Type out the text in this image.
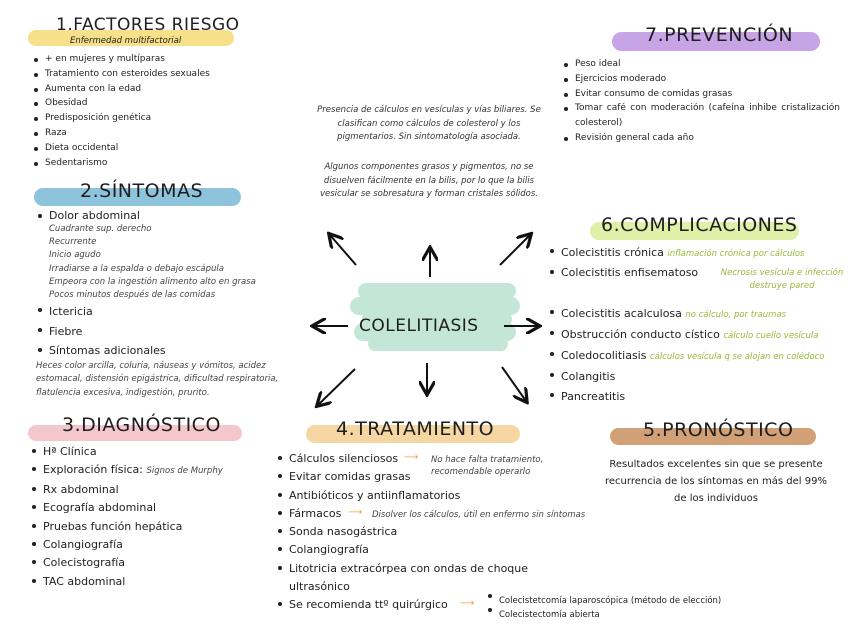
1.FACTORES RIESGO
Enfermedad multifactorial
+ en mujeres y multíparas
Tratamiento con esteroides sexuales
Aumenta con la edad
Obesidad
Predisposición genética
Raza
Dieta occidental
Sedentarismo
2.SÍNTOMAS
Dolor abdominal
Cuadrante sup. derecho
Recurrente
Inicio agudo
Irradiarse a la espalda o debajo escápula
Empeora con la ingestión alimento alto en grasa
Pocos minutos después de las comidas
Ictericia
Fiebre
Síntomas adicionales
Heces color arcilla, coluria, náuseas y vómitos, acidez estomacal, distensión epigástrica, dificultad respiratoria, flatulencia excesiva, indigestión, prurito.
3.DIAGNÓSTICO
Hª Clínica
Exploración física: Signos de Murphy
Rx abdominal
Ecografía abdominal
Pruebas función hepática
Colangiografía
Colecistografía
TAC abdominal
Presencia de cálculos en vesículas y vías biliares. Se clasifican como cálculos de colesterol y los pigmentarios. Sin sintomatología asociada.
Algunos componentes grasos y pigmentos, no se disuelven fácilmente en la bilis, por lo que la bilis vesicular se sobresatura y forman cristales sólidos.
COLELITIASIS
4.TRATAMIENTO
Cálculos silenciosos
Evitar comidas grasas
Antibióticos y antiinflamatorios
Fármacos
Sonda nasogástrica
Colangiografía
Litotricia extracórpea con ondas de choque ultrasónico
Se recomienda ttº quirúrgico
⟶ No hace falta tratamiento, recomendable operarlo
⟶ Disolver los cálculos, útil en enfermo sin síntomas
⟶	Colecistetcomía laparoscópica (método de elección)
Colecistectomía abierta
5.PRONÓSTICO
Resultados excelentes sin que se presente recurrencia de los síntomas en más del 99% de los individuos
6.COMPLICACIONES
Colecistitis crónica inflamación crónica por cálculos
Colecistitis enfisematoso
Colecistitis acalculosa no cálculo, por traumas
Obstrucción conducto cístico cálculo cuello vesícula
Coledocolitiasis cálculos vesícula q se alojan en colédoco
Colangitis
Pancreatitis
Necrosis vesícula e infección destruye pared
7.PREVENCIÓN
Peso ideal
Ejercicios moderado
Evitar consumo de comidas grasas
Tomar café con moderación (cafeína inhibe cristalización colesterol)
Revisión general cada año
